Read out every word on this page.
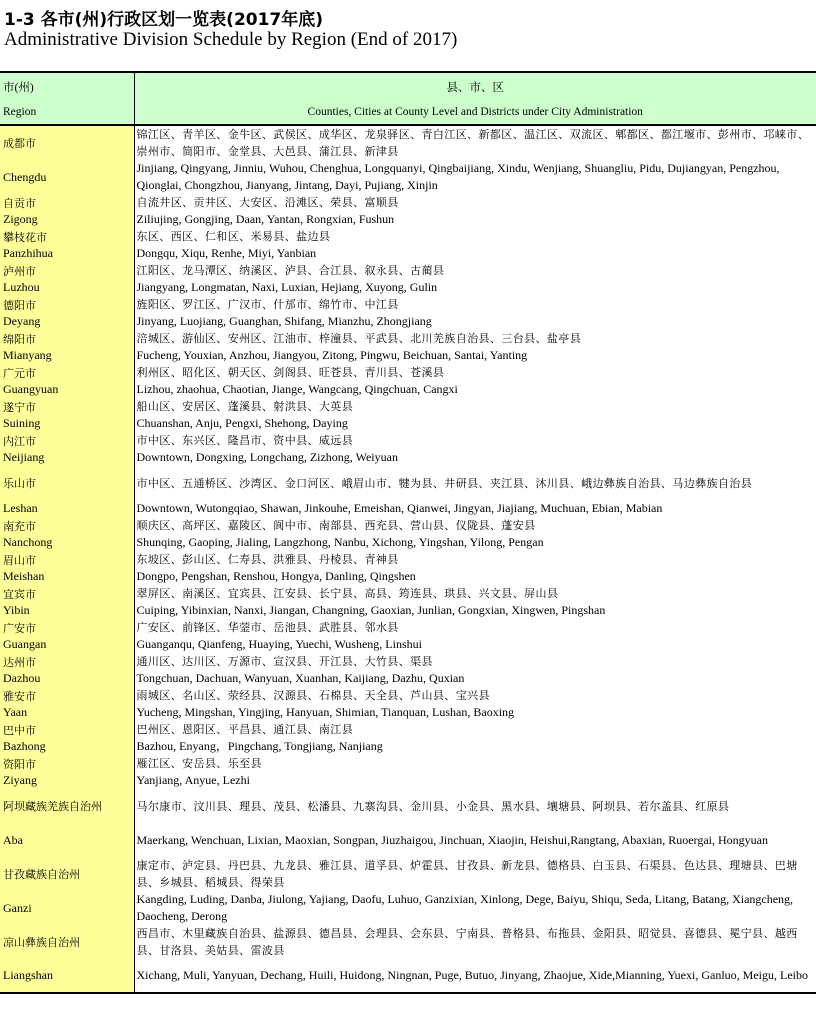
1-3 各市(州)行政区划一览表(2017年底)
Administrative Division Schedule by Region (End of 2017)
市(州)	县、市、区
Region	Counties, Cities at County Level and Districts under City Administration
成都市	锦江区、青羊区、金牛区、武侯区、成华区、龙泉驿区、青白江区、新都区、温江区、双流区、郫都区、都江堰市、彭州市、邛崃市、崇州市、简阳市、金堂县、大邑县、蒲江县、新津县
Chengdu	Jinjiang, Qingyang, Jinniu, Wuhou, Chenghua, Longquanyi, Qingbaijiang, Xindu, Wenjiang, Shuangliu, Pidu, Dujiangyan, Pengzhou, Qionglai, Chongzhou, Jianyang, Jintang, Dayi, Pujiang, Xinjin
自贡市	自流井区、贡井区、大安区、沿滩区、荣县、富顺县
Zigong	Ziliujing, Gongjing, Daan, Yantan, Rongxian, Fushun
攀枝花市	东区、西区、仁和区、米易县、盐边县
Panzhihua	Dongqu, Xiqu, Renhe, Miyi, Yanbian
泸州市	江阳区、龙马潭区、纳溪区、泸县、合江县、叙永县、古蔺县
Luzhou	Jiangyang, Longmatan, Naxi, Luxian, Hejiang, Xuyong, Gulin
德阳市	旌阳区、罗江区、广汉市、什邡市、绵竹市、中江县
Deyang	Jinyang, Luojiang, Guanghan, Shifang, Mianzhu, Zhongjiang
绵阳市	涪城区、游仙区、安州区、江油市、梓潼县、平武县、北川羌族自治县、三台县、盐亭县
Mianyang	Fucheng, Youxian, Anzhou, Jiangyou, Zitong, Pingwu, Beichuan, Santai, Yanting
广元市	利州区、昭化区、朝天区、剑阁县、旺苍县、青川县、苍溪县
Guangyuan	Lizhou, zhaohua, Chaotian, Jiange, Wangcang, Qingchuan, Cangxi
遂宁市	船山区、安居区、蓬溪县、射洪县、大英县
Suining	Chuanshan, Anju, Pengxi, Shehong, Daying
内江市	市中区、东兴区、隆昌市、资中县、威远县
Neijiang	Downtown, Dongxing, Longchang, Zizhong, Weiyuan
乐山市	市中区、五通桥区、沙湾区、金口河区、峨眉山市、犍为县、井研县、夹江县、沐川县、峨边彝族自治县、马边彝族自治县
Leshan	Downtown, Wutongqiao, Shawan, Jinkouhe, Emeishan, Qianwei, Jingyan, Jiajiang, Muchuan, Ebian, Mabian
南充市	顺庆区、高坪区、嘉陵区、阆中市、南部县、西充县、营山县、仪陇县、蓬安县
Nanchong	Shunqing, Gaoping, Jialing, Langzhong, Nanbu, Xichong, Yingshan, Yilong, Pengan
眉山市	东坡区、彭山区、仁寿县、洪雅县、丹棱县、青神县
Meishan	Dongpo, Pengshan, Renshou, Hongya, Danling, Qingshen
宜宾市	翠屏区、南溪区、宜宾县、江安县、长宁县、高县、筠连县、珙县、兴文县、屏山县
Yibin	Cuiping, Yibinxian, Nanxi, Jiangan, Changning, Gaoxian, Junlian, Gongxian, Xingwen, Pingshan
广安市	广安区、前锋区、华蓥市、岳池县、武胜县、邻水县
Guangan	Guanganqu, Qianfeng, Huaying, Yuechi, Wusheng, Linshui
达州市	通川区、达川区、万源市、宣汉县、开江县、大竹县、渠县
Dazhou	Tongchuan, Dachuan, Wanyuan, Xuanhan, Kaijiang, Dazhu, Quxian
雅安市	雨城区、名山区、荥经县、汉源县、石棉县、天全县、芦山县、宝兴县
Yaan	Yucheng, Mingshan, Yingjing, Hanyuan, Shimian, Tianquan, Lushan, Baoxing
巴中市	巴州区、恩阳区、平昌县、通江县、南江县
Bazhong	Bazhou, Enyang，Pingchang, Tongjiang, Nanjiang
资阳市	雁江区、安岳县、乐至县
Ziyang	Yanjiang, Anyue, Lezhi
阿坝藏族羌族自治州	马尔康市、汶川县、理县、茂县、松潘县、九寨沟县、金川县、小金县、黑水县、壤塘县、阿坝县、若尔盖县、红原县
Aba	Maerkang, Wenchuan, Lixian, Maoxian, Songpan, Jiuzhaigou, Jinchuan, Xiaojin, Heishui,Rangtang, Abaxian, Ruoergai, Hongyuan
甘孜藏族自治州	康定市、泸定县、丹巴县、九龙县、雅江县、道孚县、炉霍县、甘孜县、新龙县、德格县、白玉县、石渠县、色达县、理塘县、巴塘县、乡城县、稻城县、得荣县
Ganzi	Kangding, Luding, Danba, Jiulong, Yajiang, Daofu, Luhuo, Ganzixian, Xinlong, Dege, Baiyu, Shiqu, Seda, Litang, Batang, Xiangcheng, Daocheng, Derong
凉山彝族自治州	西昌市、木里藏族自治县、盐源县、德昌县、会理县、会东县、宁南县、普格县、布拖县、金阳县、昭觉县、喜德县、冕宁县、越西县、甘洛县、美姑县、雷波县
Liangshan	Xichang, Muli, Yanyuan, Dechang, Huili, Huidong, Ningnan, Puge, Butuo, Jinyang, Zhaojue, Xide,Mianning, Yuexi, Ganluo, Meigu, Leibo
